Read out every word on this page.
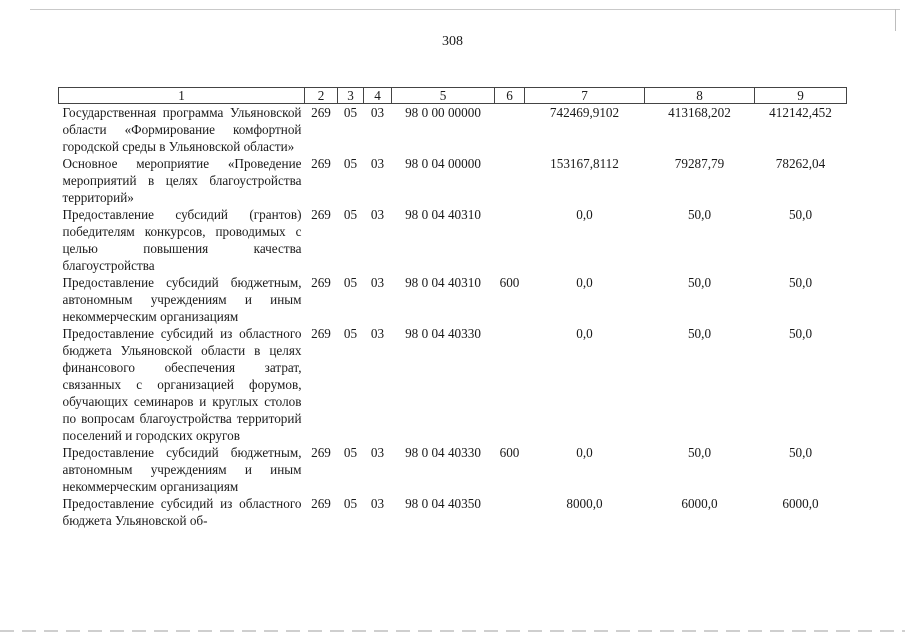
308
1	2	3	4	5	6	7	8	9
Государственная программа Ульяновской области «Формирование комфортной городской среды в Ульяновской области»	269	05	03	98 0 00 00000		742469,9102	413168,202	412142,452
Основное мероприятие «Проведение мероприятий в целях благоустройства территорий»	269	05	03	98 0 04 00000		153167,8112	79287,79	78262,04
Предоставление субсидий (грантов) победителям конкурсов, проводимых с целью повышения качества благоустройства	269	05	03	98 0 04 40310		0,0	50,0	50,0
Предоставление субсидий бюджетным, автономным учреждениям и иным некоммерческим организациям	269	05	03	98 0 04 40310	600	0,0	50,0	50,0
Предоставление субсидий из областного бюджета Ульяновской области в целях финансового обеспечения затрат, связанных с организацией форумов, обучающих семинаров и круглых столов по вопросам благоустройства территорий поселений и городских округов	269	05	03	98 0 04 40330		0,0	50,0	50,0
Предоставление субсидий бюджетным, автономным учреждениям и иным некоммерческим организациям	269	05	03	98 0 04 40330	600	0,0	50,0	50,0
Предоставление субсидий из областного бюджета Ульяновской об-	269	05	03	98 0 04 40350		8000,0	6000,0	6000,0
